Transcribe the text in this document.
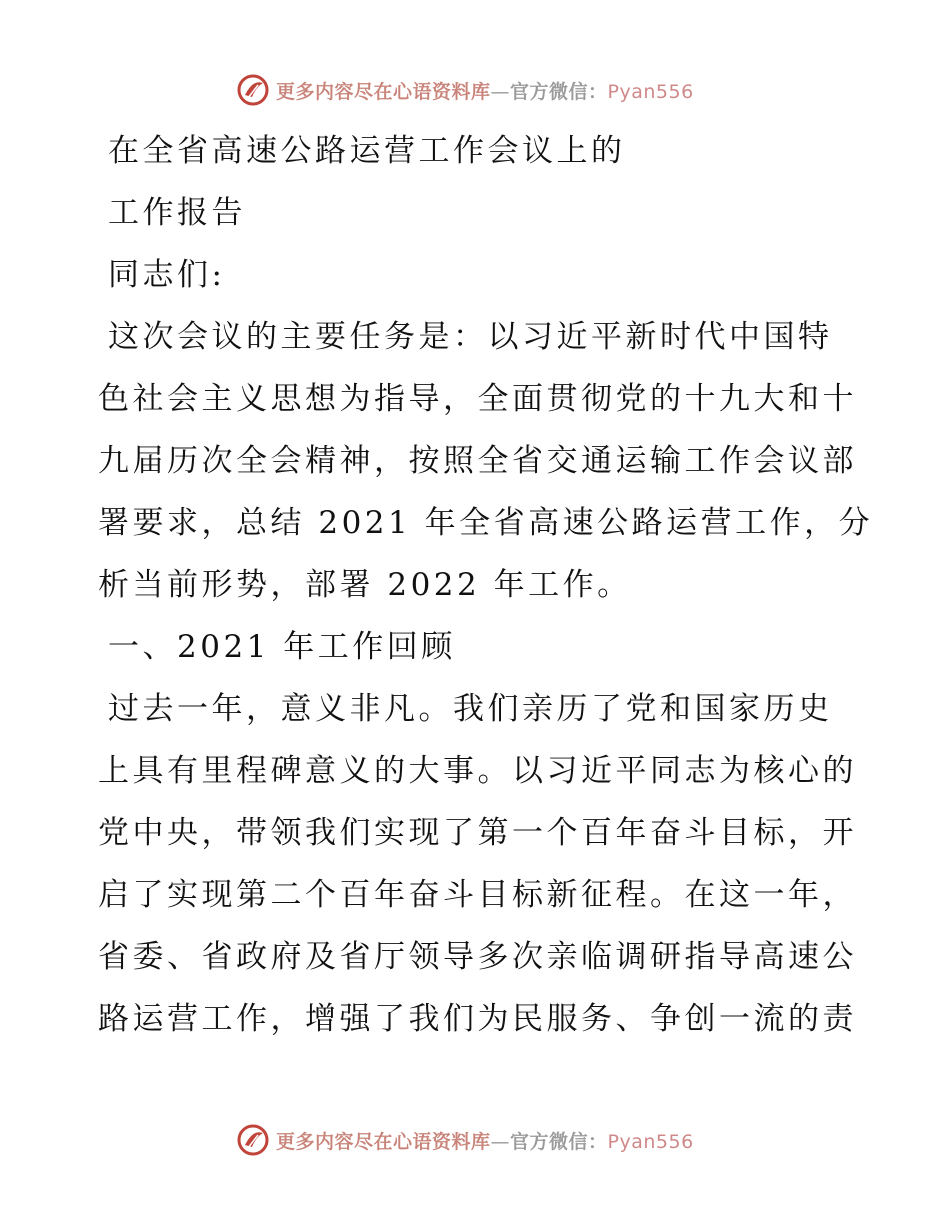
更多内容尽在心语资料库—官方微信：Pyan556
在全省高速公路运营工作会议上的
工作报告
同志们:
这次会议的主要任务是：以习近平新时代中国特
色社会主义思想为指导，全面贯彻党的十九大和十
九届历次全会精神，按照全省交通运输工作会议部
署要求，总结 2021 年全省高速公路运营工作，分
析当前形势，部署 2022 年工作。
一、2021 年工作回顾
过去一年，意义非凡。我们亲历了党和国家历史
上具有里程碑意义的大事。以习近平同志为核心的
党中央，带领我们实现了第一个百年奋斗目标，开
启了实现第二个百年奋斗目标新征程。在这一年，
省委、省政府及省厅领导多次亲临调研指导高速公
路运营工作，增强了我们为民服务、争创一流的责
更多内容尽在心语资料库—官方微信：Pyan556
